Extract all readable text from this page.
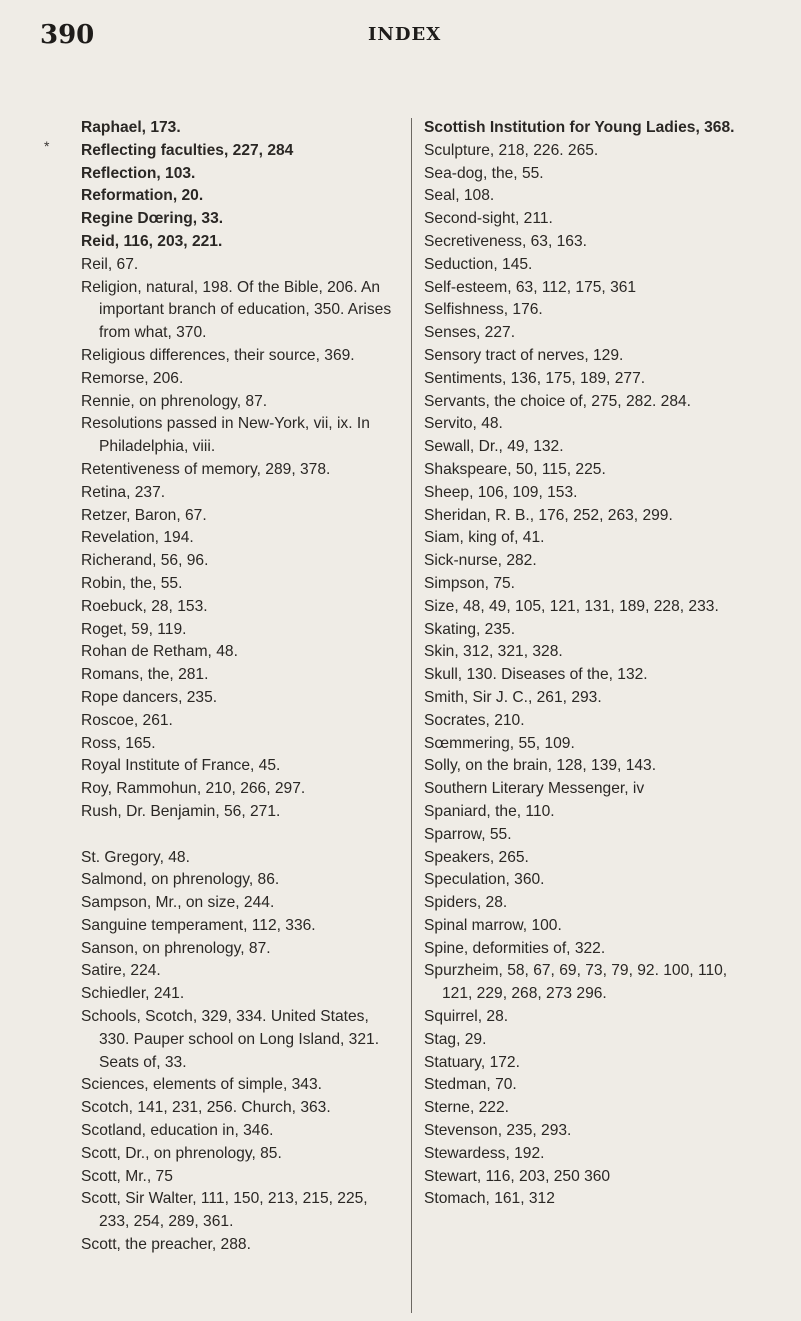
390	INDEX
*
Raphael, 173.
Reflecting faculties, 227, 284
Reflection, 103.
Reformation, 20.
Regine Dœring, 33.
Reid, 116, 203, 221.
Reil, 67.
Religion, natural, 198. Of the Bible, 206. An important branch of education, 350. Arises from what, 370.
Religious differences, their source, 369.
Remorse, 206.
Rennie, on phrenology, 87.
Resolutions passed in New-York, vii, ix. In Philadelphia, viii.
Retentiveness of memory, 289, 378.
Retina, 237.
Retzer, Baron, 67.
Revelation, 194.
Richerand, 56, 96.
Robin, the, 55.
Roebuck, 28, 153.
Roget, 59, 119.
Rohan de Retham, 48.
Romans, the, 281.
Rope dancers, 235.
Roscoe, 261.
Ross, 165.
Royal Institute of France, 45.
Roy, Rammohun, 210, 266, 297.
Rush, Dr. Benjamin, 56, 271.
St. Gregory, 48.
Salmond, on phrenology, 86.
Sampson, Mr., on size, 244.
Sanguine temperament, 112, 336.
Sanson, on phrenology, 87.
Satire, 224.
Schiedler, 241.
Schools, Scotch, 329, 334. United States, 330. Pauper school on Long Island, 321. Seats of, 33.
Sciences, elements of simple, 343.
Scotch, 141, 231, 256. Church, 363.
Scotland, education in, 346.
Scott, Dr., on phrenology, 85.
Scott, Mr., 75
Scott, Sir Walter, 111, 150, 213, 215, 225, 233, 254, 289, 361.
Scott, the preacher, 288.
Scottish Institution for Young Ladies, 368.
Sculpture, 218, 226. 265.
Sea-dog, the, 55.
Seal, 108.
Second-sight, 211.
Secretiveness, 63, 163.
Seduction, 145.
Self-esteem, 63, 112, 175, 361
Selfishness, 176.
Senses, 227.
Sensory tract of nerves, 129.
Sentiments, 136, 175, 189, 277.
Servants, the choice of, 275, 282. 284.
Servito, 48.
Sewall, Dr., 49, 132.
Shakspeare, 50, 115, 225.
Sheep, 106, 109, 153.
Sheridan, R. B., 176, 252, 263, 299.
Siam, king of, 41.
Sick-nurse, 282.
Simpson, 75.
Size, 48, 49, 105, 121, 131, 189, 228, 233.
Skating, 235.
Skin, 312, 321, 328.
Skull, 130. Diseases of the, 132.
Smith, Sir J. C., 261, 293.
Socrates, 210.
Sœmmering, 55, 109.
Solly, on the brain, 128, 139, 143.
Southern Literary Messenger, iv
Spaniard, the, 110.
Sparrow, 55.
Speakers, 265.
Speculation, 360.
Spiders, 28.
Spinal marrow, 100.
Spine, deformities of, 322.
Spurzheim, 58, 67, 69, 73, 79, 92. 100, 110, 121, 229, 268, 273 296.
Squirrel, 28.
Stag, 29.
Statuary, 172.
Stedman, 70.
Sterne, 222.
Stevenson, 235, 293.
Stewardess, 192.
Stewart, 116, 203, 250 360
Stomach, 161, 312
